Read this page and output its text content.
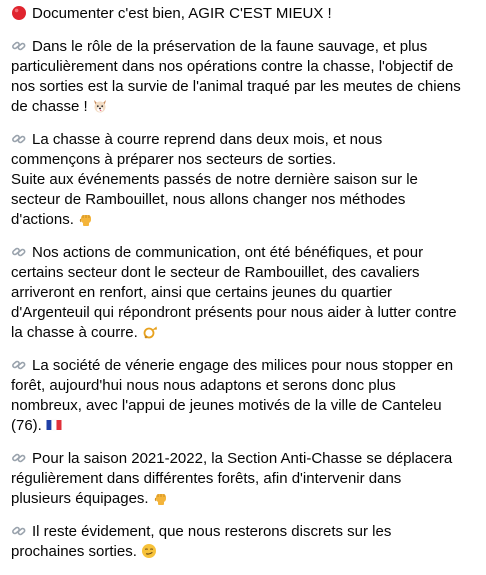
Documenter c'est bien, AGIR C'EST MIEUX !
Dans le rôle de la préservation de la faune sauvage, et plus
particulièrement dans nos opérations contre la chasse, l'objectif de
nos sorties est la survie de l'animal traqué par les meutes de chiens
de chasse !
La chasse à courre reprend dans deux mois, et nous
commençons à préparer nos secteurs de sorties.
Suite aux événements passés de notre dernière saison sur le
secteur de Rambouillet, nous allons changer nos méthodes
d'actions.
Nos actions de communication, ont été bénéfiques, et pour
certains secteur dont le secteur de Rambouillet, des cavaliers
arriveront en renfort, ainsi que certains jeunes du quartier
d'Argenteuil qui répondront présents pour nous aider à lutter contre
la chasse à courre.
La société de vénerie engage des milices pour nous stopper en
forêt, aujourd'hui nous nous adaptons et serons donc plus
nombreux, avec l'appui de jeunes motivés de la ville de Canteleu
(76).
Pour la saison 2021-2022, la Section Anti-Chasse se déplacera
régulièrement dans différentes forêts, afin d'intervenir dans
plusieurs équipages.
Il reste évidement, que nous resterons discrets sur les
prochaines sorties.
